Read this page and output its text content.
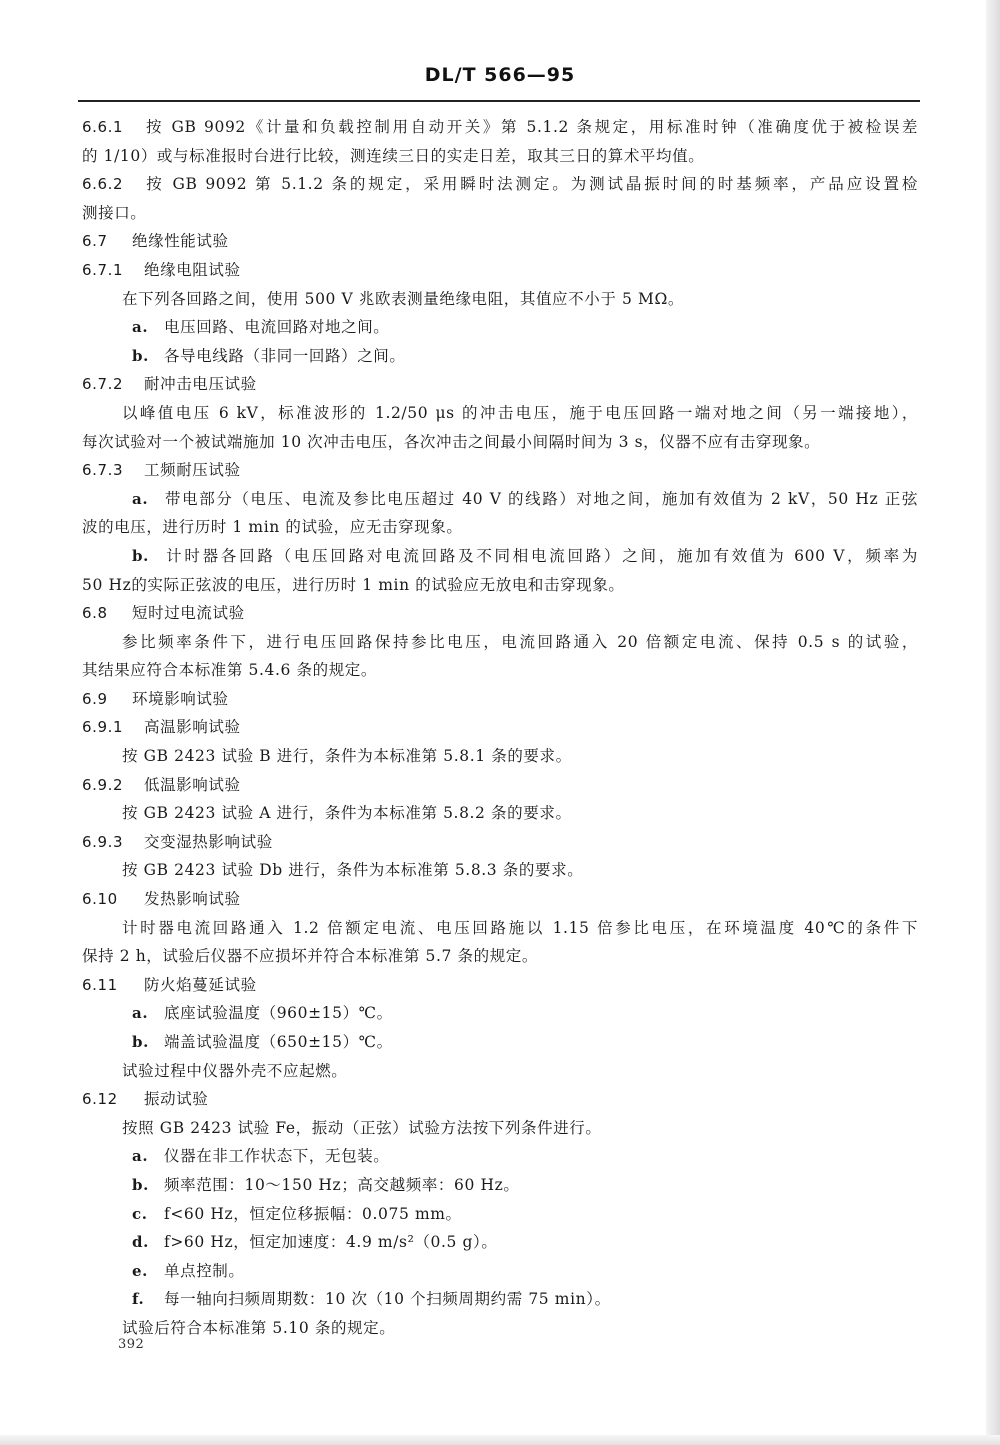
DL/T 566—95
6.6.1 按 GB 9092《计量和负载控制用自动开关》第 5.1.2 条规定，用标准时钟（准确度优于被检误差
的 1/10）或与标准报时台进行比较，测连续三日的实走日差，取其三日的算术平均值。
6.6.2 按 GB 9092 第 5.1.2 条的规定，采用瞬时法测定。为测试晶振时间的时基频率，产品应设置检
测接口。
6.7 绝缘性能试验
6.7.1 绝缘电阻试验
在下列各回路之间，使用 500 V 兆欧表测量绝缘电阻，其值应不小于 5 MΩ。
a. 电压回路、电流回路对地之间。
b. 各导电线路（非同一回路）之间。
6.7.2 耐冲击电压试验
以峰值电压 6 kV，标准波形的 1.2/50 μs 的冲击电压，施于电压回路一端对地之间（另一端接地），
每次试验对一个被试端施加 10 次冲击电压，各次冲击之间最小间隔时间为 3 s，仪器不应有击穿现象。
6.7.3 工频耐压试验
a. 带电部分（电压、电流及参比电压超过 40 V 的线路）对地之间，施加有效值为 2 kV，50 Hz 正弦
波的电压，进行历时 1 min 的试验，应无击穿现象。
b. 计时器各回路（电压回路对电流回路及不同相电流回路）之间，施加有效值为 600 V，频率为
50 Hz的实际正弦波的电压，进行历时 1 min 的试验应无放电和击穿现象。
6.8 短时过电流试验
参比频率条件下，进行电压回路保持参比电压，电流回路通入 20 倍额定电流、保持 0.5 s 的试验，
其结果应符合本标准第 5.4.6 条的规定。
6.9 环境影响试验
6.9.1 高温影响试验
按 GB 2423 试验 B 进行，条件为本标准第 5.8.1 条的要求。
6.9.2 低温影响试验
按 GB 2423 试验 A 进行，条件为本标准第 5.8.2 条的要求。
6.9.3 交变湿热影响试验
按 GB 2423 试验 Db 进行，条件为本标准第 5.8.3 条的要求。
6.10 发热影响试验
计时器电流回路通入 1.2 倍额定电流、电压回路施以 1.15 倍参比电压，在环境温度 40℃的条件下
保持 2 h，试验后仪器不应损坏并符合本标准第 5.7 条的规定。
6.11 防火焰蔓延试验
a. 底座试验温度（960±15）℃。
b. 端盖试验温度（650±15）℃。
试验过程中仪器外壳不应起燃。
6.12 振动试验
按照 GB 2423 试验 Fe，振动（正弦）试验方法按下列条件进行。
a. 仪器在非工作状态下，无包装。
b. 频率范围：10～150 Hz；高交越频率：60 Hz。
c. f<60 Hz，恒定位移振幅：0.075 mm。
d. f>60 Hz，恒定加速度：4.9 m/s²（0.5 g）。
e. 单点控制。
f. 每一轴向扫频周期数：10 次（10 个扫频周期约需 75 min）。
试验后符合本标准第 5.10 条的规定。
392
